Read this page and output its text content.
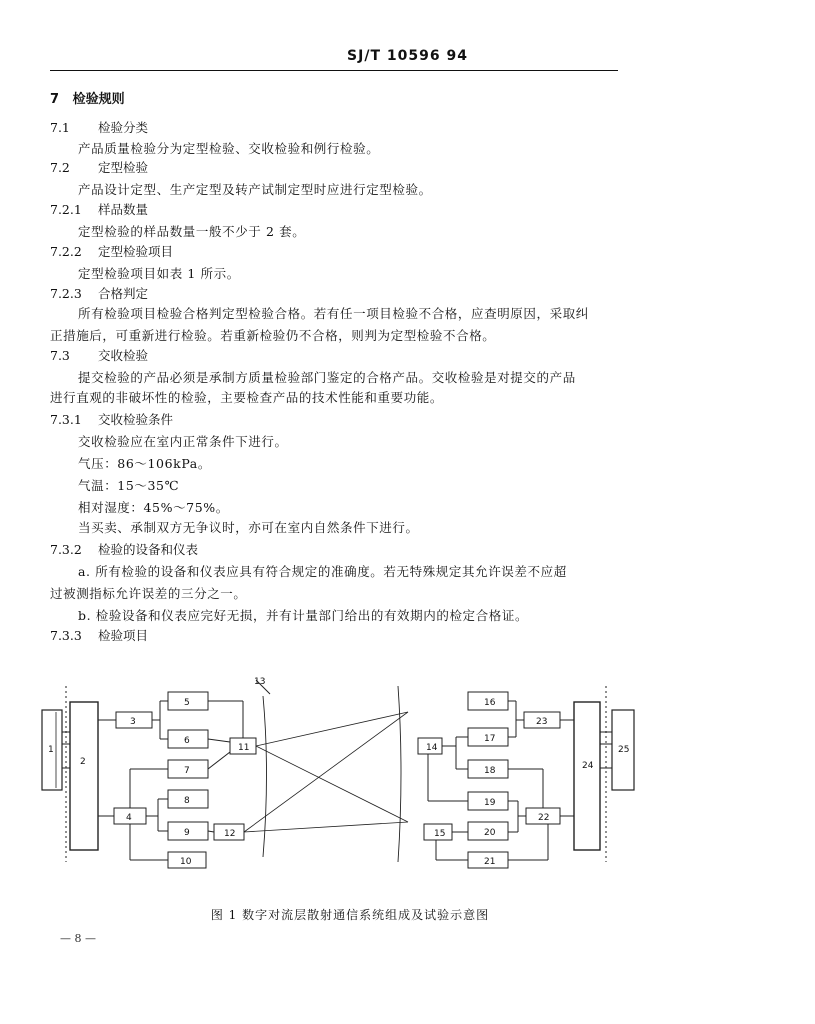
SJ/T 10596 94
7 检验规则
7.1 检验分类
产品质量检验分为定型检验、交收检验和例行检验。
7.2 定型检验
产品设计定型、生产定型及转产试制定型时应进行定型检验。
7.2.1 样品数量
定型检验的样品数量一般不少于 2 套。
7.2.2 定型检验项目
定型检验项目如表 1 所示。
7.2.3 合格判定
所有检验项目检验合格判定型检验合格。若有任一项目检验不合格，应查明原因，采取纠
正措施后，可重新进行检验。若重新检验仍不合格，则判为定型检验不合格。
7.3 交收检验
提交检验的产品必须是承制方质量检验部门鉴定的合格产品。交收检验是对提交的产品
进行直观的非破坏性的检验，主要检查产品的技术性能和重要功能。
7.3.1 交收检验条件
交收检验应在室内正常条件下进行。
气压：86～106kPa。
气温：15～35℃
相对湿度：45%～75%。
当买卖、承制双方无争议时，亦可在室内自然条件下进行。
7.3.2 检验的设备和仪表
a. 所有检验的设备和仪表应具有符合规定的准确度。若无特殊规定其允许误差不应超
过被测指标允许误差的三分之一。
b. 检验设备和仪表应完好无损，并有计量部门给出的有效期内的检定合格证。
7.3.3 检验项目
1
2
3
4
5
6
7
8
9
10
11
12
13
14
15
16
17
18
19
20
21
22
23
24
25
图 1 数字对流层散射通信系统组成及试验示意图
— 8 —
